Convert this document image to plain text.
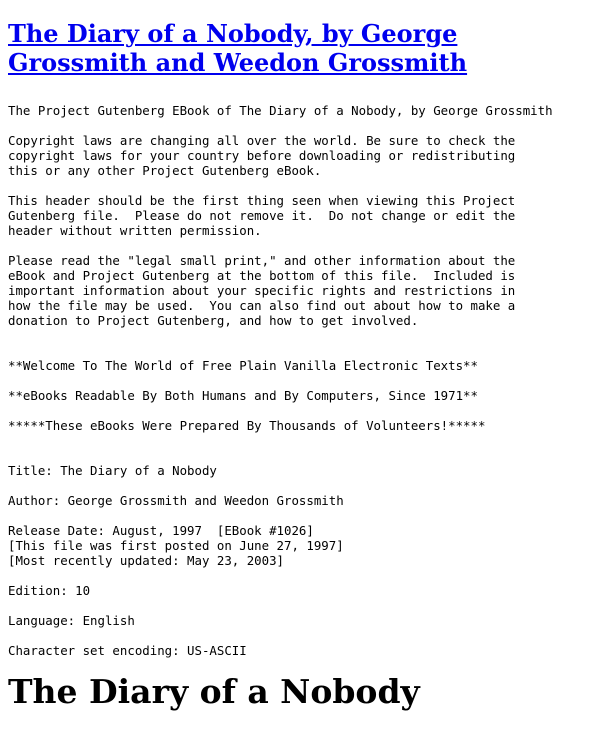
The Diary of a Nobody, by George
Grossmith and Weedon Grossmith
The Project Gutenberg EBook of The Diary of a Nobody, by George Grossmith
Copyright laws are changing all over the world. Be sure to check the
copyright laws for your country before downloading or redistributing
this or any other Project Gutenberg eBook.
This header should be the first thing seen when viewing this Project
Gutenberg file.  Please do not remove it.  Do not change or edit the
header without written permission.
Please read the "legal small print," and other information about the
eBook and Project Gutenberg at the bottom of this file.  Included is
important information about your specific rights and restrictions in
how the file may be used.  You can also find out about how to make a
donation to Project Gutenberg, and how to get involved.
**Welcome To The World of Free Plain Vanilla Electronic Texts**
**eBooks Readable By Both Humans and By Computers, Since 1971**
*****These eBooks Were Prepared By Thousands of Volunteers!*****
Title: The Diary of a Nobody
Author: George Grossmith and Weedon Grossmith
Release Date: August, 1997  [EBook #1026]
[This file was first posted on June 27, 1997]
[Most recently updated: May 23, 2003]
Edition: 10
Language: English
Character set encoding: US-ASCII
The Diary of a Nobody
